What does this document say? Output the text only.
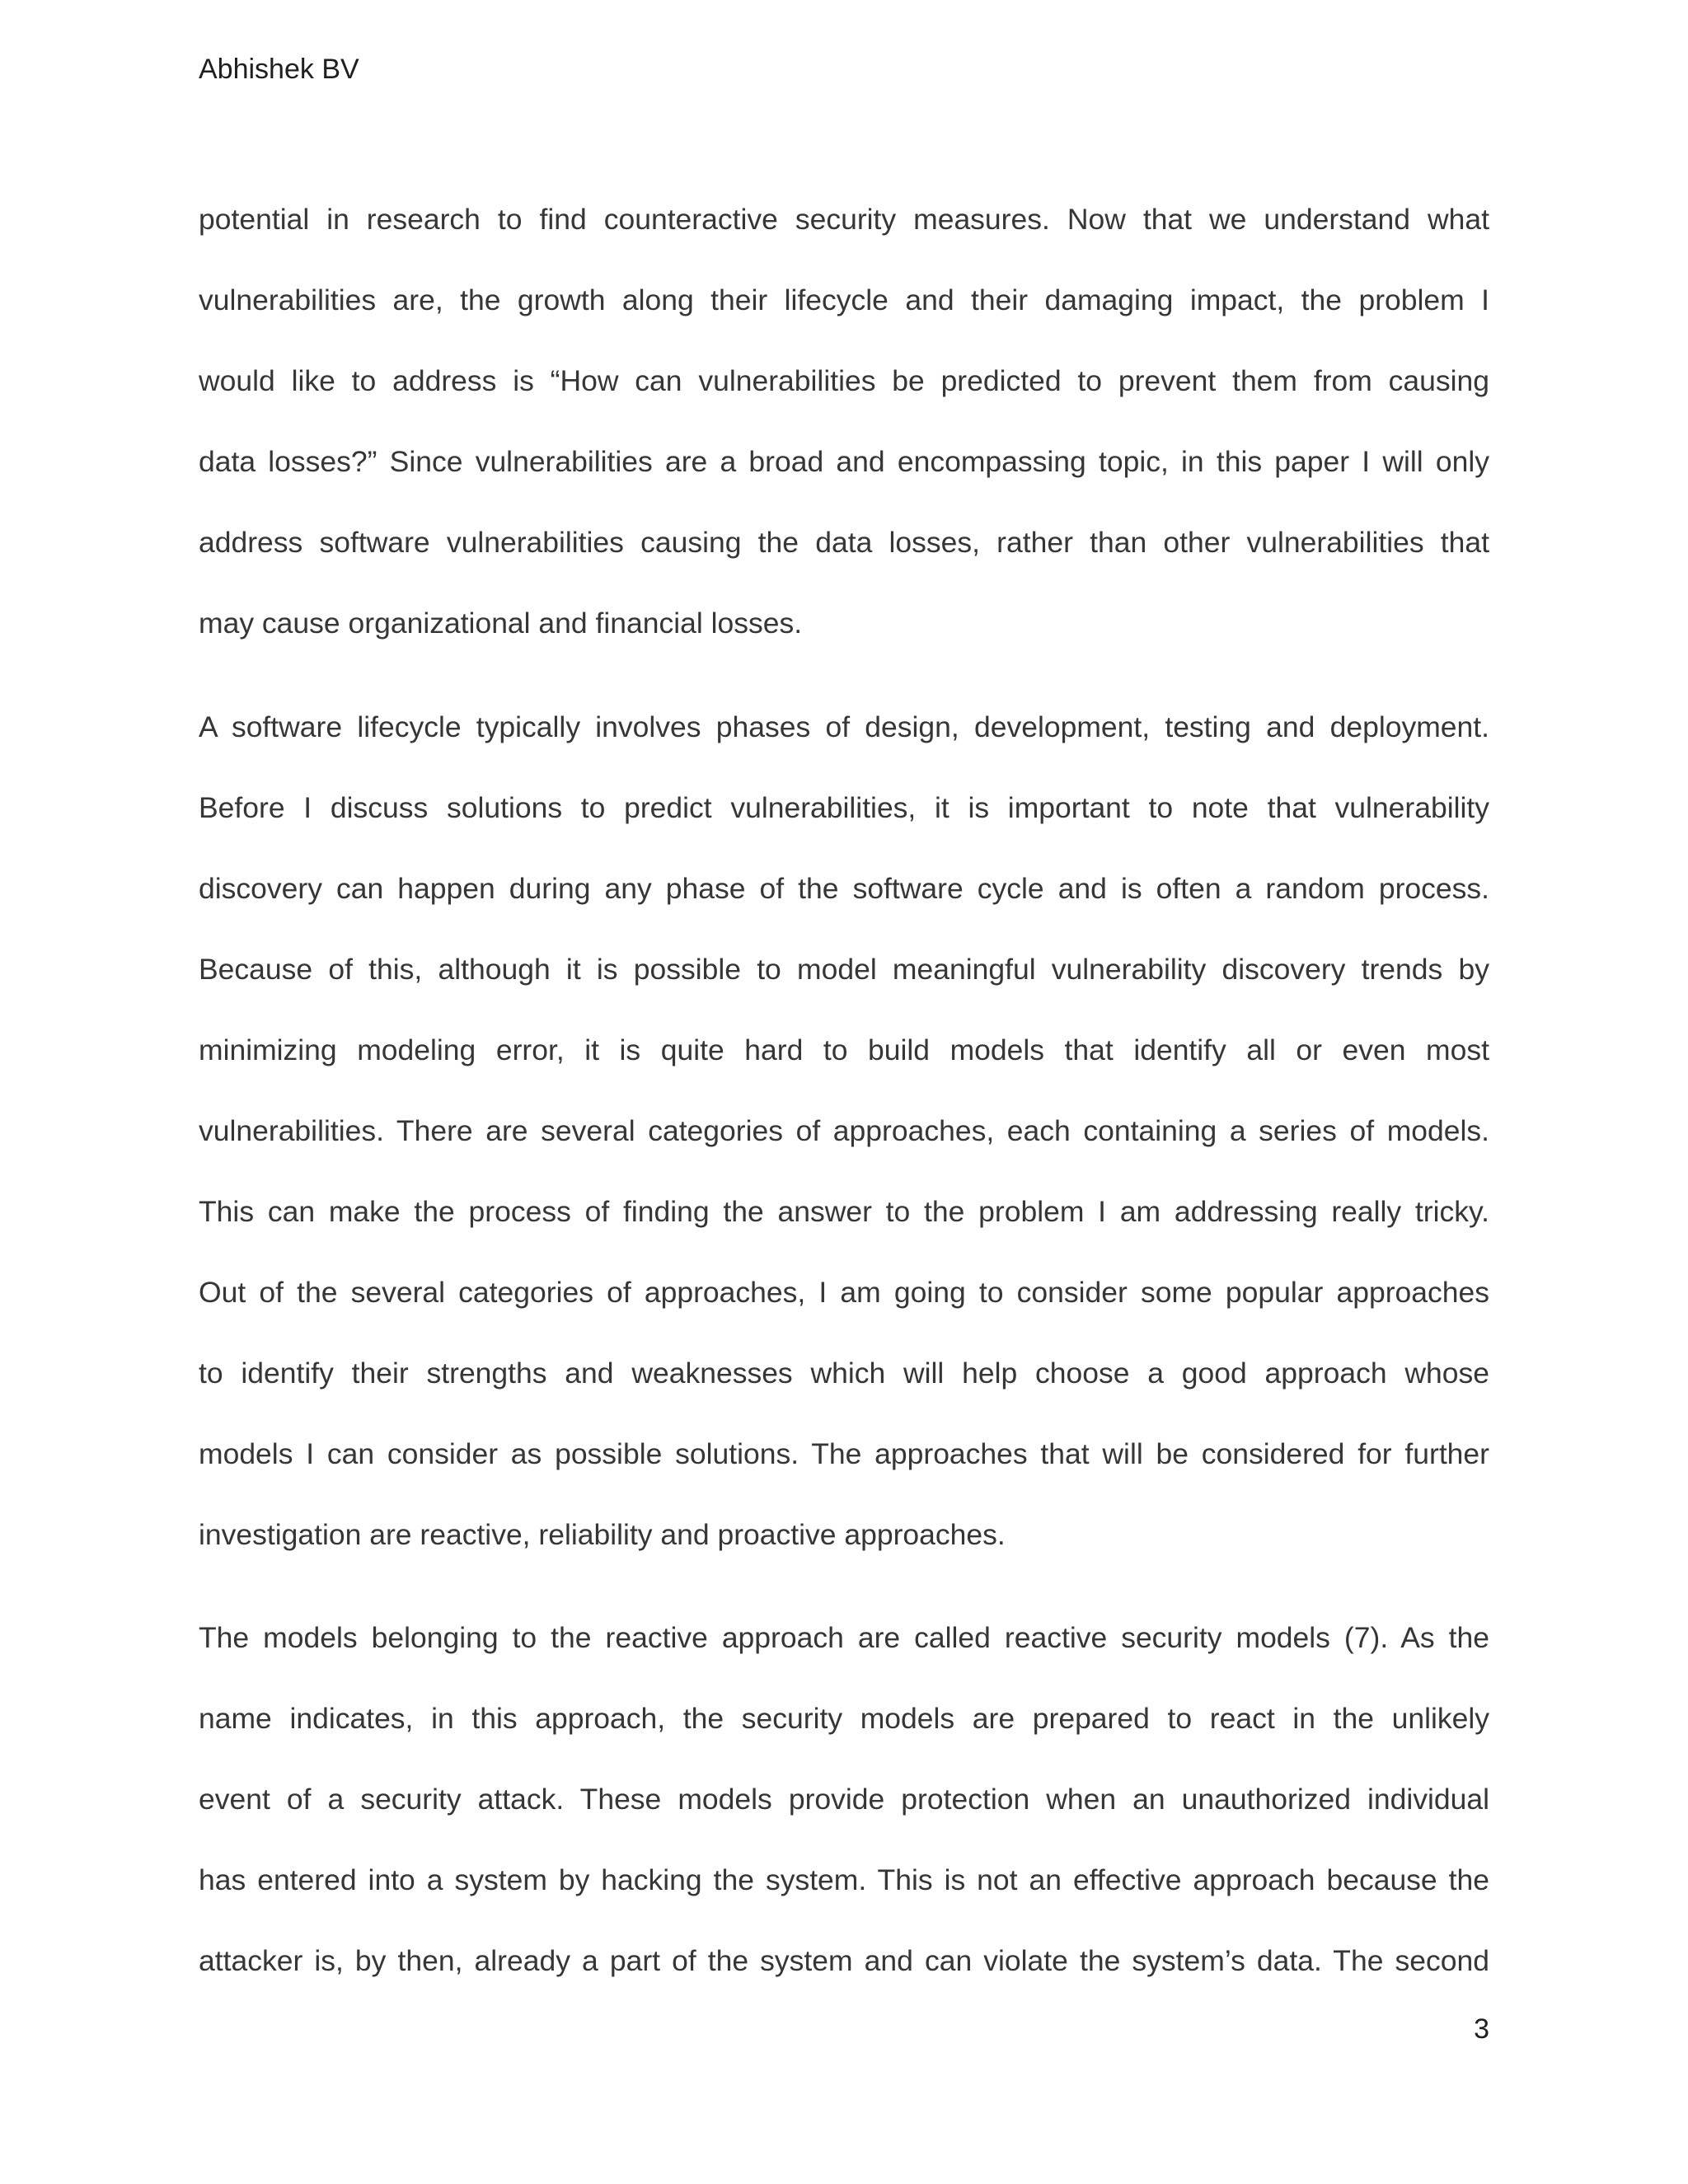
Abhishek BV
potential in research to find counteractive security measures. Now that we understand what
vulnerabilities are, the growth along their lifecycle and their damaging impact, the problem I
would like to address is “How can vulnerabilities be predicted to prevent them from causing
data losses?” Since vulnerabilities are a broad and encompassing topic, in this paper I will only
address software vulnerabilities causing the data losses, rather than other vulnerabilities that
may cause organizational and financial losses.
A software lifecycle typically involves phases of design, development, testing and deployment.
Before I discuss solutions to predict vulnerabilities, it is important to note that vulnerability
discovery can happen during any phase of the software cycle and is often a random process.
Because of this, although it is possible to model meaningful vulnerability discovery trends by
minimizing modeling error, it is quite hard to build models that identify all or even most
vulnerabilities. There are several categories of approaches, each containing a series of models.
This can make the process of finding the answer to the problem I am addressing really tricky.
Out of the several categories of approaches, I am going to consider some popular approaches
to identify their strengths and weaknesses which will help choose a good approach whose
models I can consider as possible solutions. The approaches that will be considered for further
investigation are reactive, reliability and proactive approaches.
The models belonging to the reactive approach are called reactive security models (7). As the
name indicates, in this approach, the security models are prepared to react in the unlikely
event of a security attack. These models provide protection when an unauthorized individual
has entered into a system by hacking the system. This is not an effective approach because the
attacker is, by then, already a part of the system and can violate the system’s data. The second
3
